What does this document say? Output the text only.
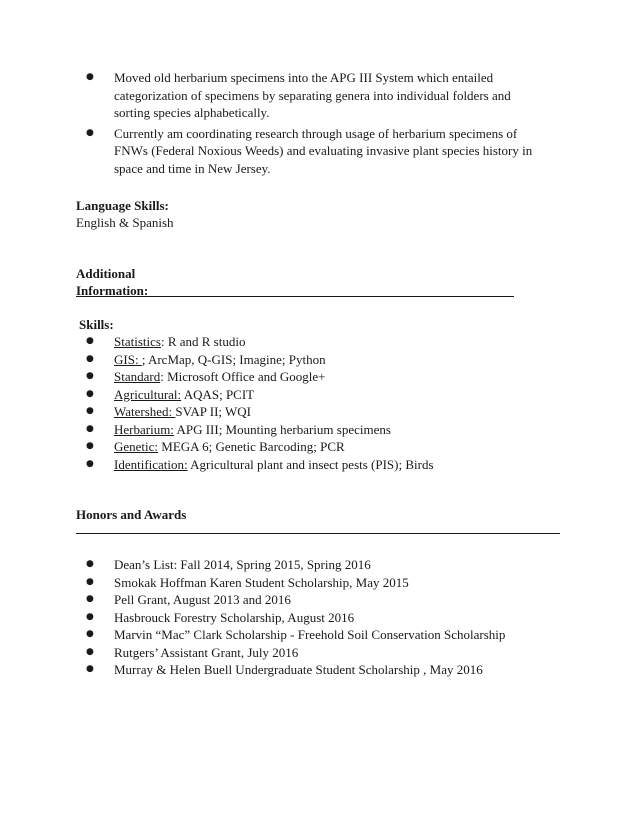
● Moved old herbarium specimens into the APG III System which entailed categorization of specimens by separating genera into individual folders and sorting species alphabetically.
● Currently am coordinating research through usage of herbarium specimens of FNWs (Federal Noxious Weeds) and evaluating invasive plant species history in space and time in New Jersey.
Language Skills:
English & Spanish
Additional
Information:
Skills:
● Statistics: R and R studio
● GIS: ; ArcMap, Q-GIS; Imagine; Python
● Standard: Microsoft Office and Google+
● Agricultural: AQAS; PCIT
● Watershed: SVAP II; WQI
● Herbarium: APG III; Mounting herbarium specimens
● Genetic: MEGA 6; Genetic Barcoding; PCR
● Identification: Agricultural plant and insect pests (PIS); Birds
Honors and Awards
● Dean’s List: Fall 2014, Spring 2015, Spring 2016
● Smokak Hoffman Karen Student Scholarship, May 2015
● Pell Grant, August 2013 and 2016
● Hasbrouck Forestry Scholarship, August 2016
● Marvin “Mac” Clark Scholarship - Freehold Soil Conservation Scholarship
● Rutgers’ Assistant Grant, July 2016
● Murray & Helen Buell Undergraduate Student Scholarship , May 2016
